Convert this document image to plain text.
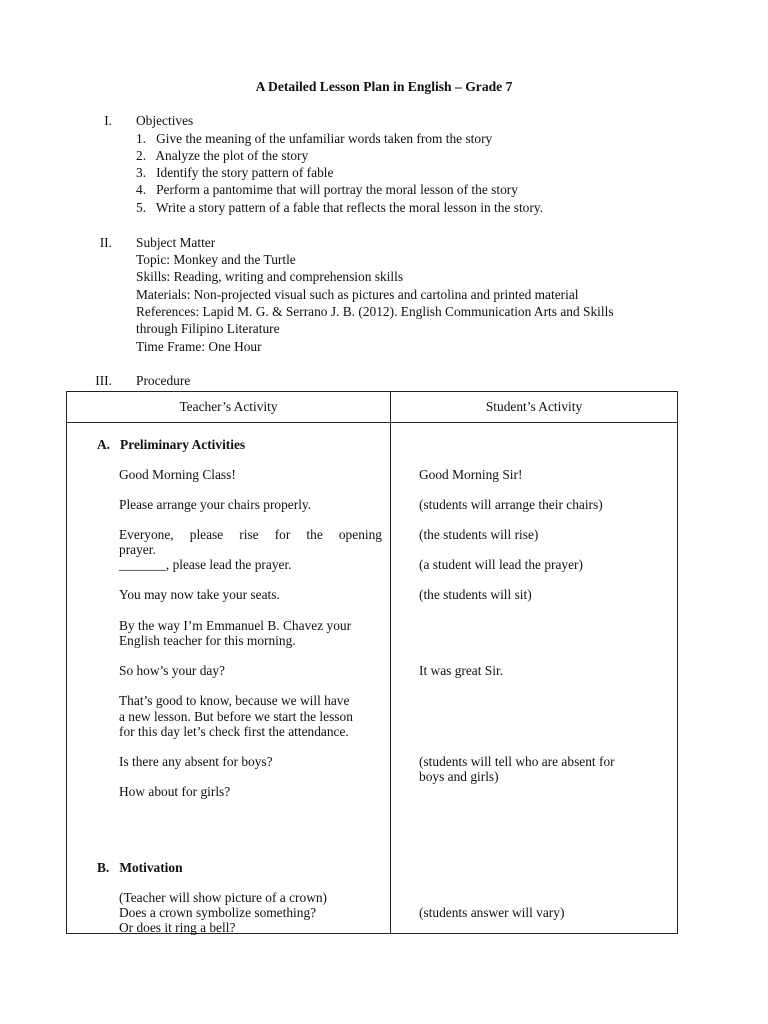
A Detailed Lesson Plan in English – Grade 7
I. Objectives
1.   Give the meaning of the unfamiliar words taken from the story
2.   Analyze the plot of the story
3.   Identify the story pattern of fable
4.   Perform a pantomime that will portray the moral lesson of the story
5.   Write a story pattern of a fable that reflects the moral lesson in the story.
II. Subject Matter
Topic: Monkey and the Turtle
Skills: Reading, writing and comprehension skills
Materials: Non-projected visual such as pictures and cartolina and printed material
References: Lapid M. G. & Serrano J. B. (2012). English Communication Arts and Skills
through Filipino Literature
Time Frame: One Hour
III. Procedure
Teacher’s Activity	Student’s Activity
A.   Preliminary Activities
Good Morning Class!
Please arrange your chairs properly.
Everyone, please rise for the opening
prayer.
_______, please lead the prayer.
You may now take your seats.
By the way I’m Emmanuel B. Chavez your
English teacher for this morning.
So how’s your day?
That’s good to know, because we will have
a new lesson. But before we start the lesson
for this day let’s check first the attendance.
Is there any absent for boys?
How about for girls?
B.   Motivation
(Teacher will show picture of a crown)
Does a crown symbolize something?
Or does it ring a bell?
Good Morning Sir!
(students will arrange their chairs)
(the students will rise)
(a student will lead the prayer)
(the students will sit)
It was great Sir.
(students will tell who are absent for
boys and girls)
(students answer will vary)
